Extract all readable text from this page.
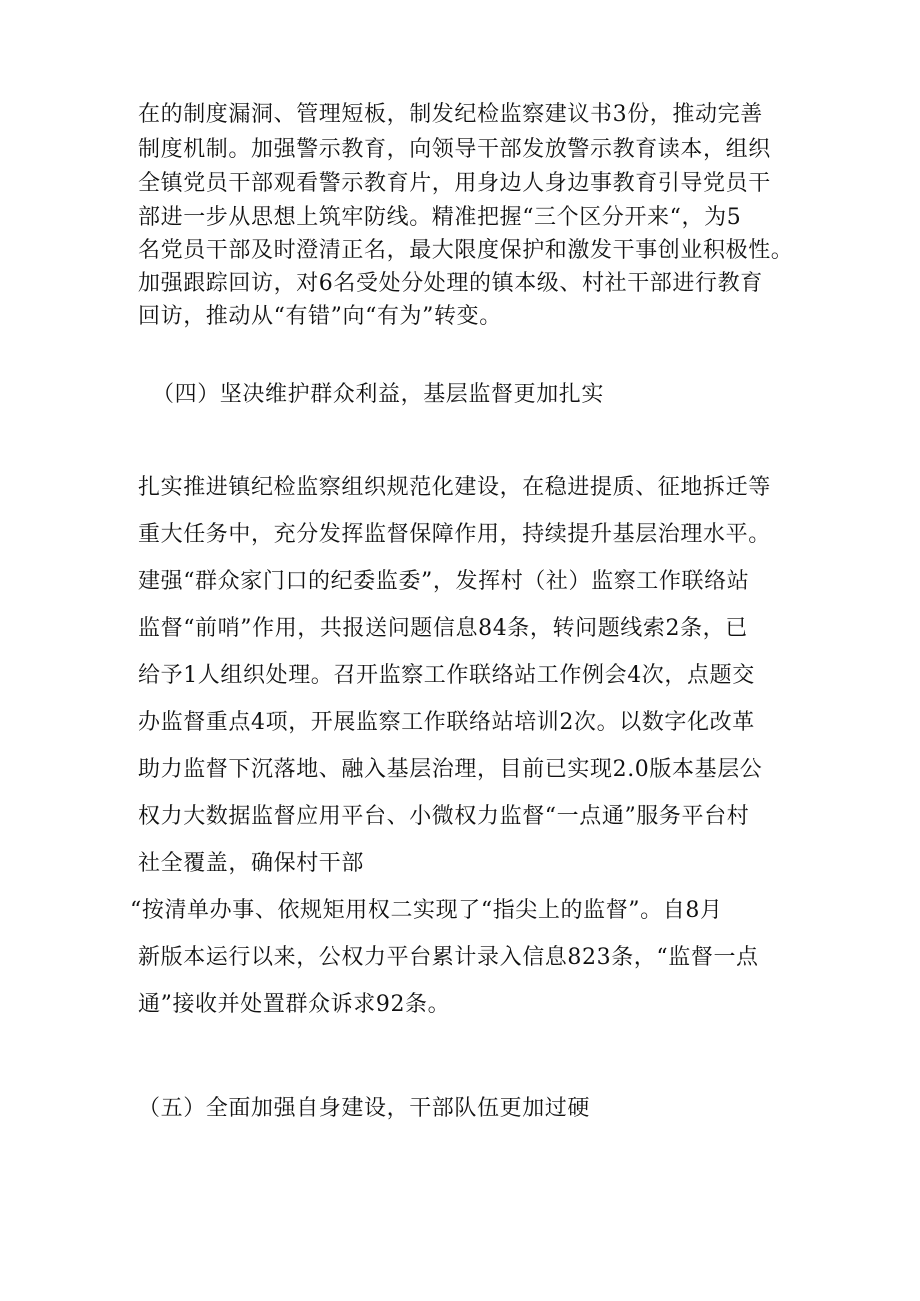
在的制度漏洞、管理短板，制发纪检监察建议书3份，推动完善
制度机制。加强警示教育，向领导干部发放警示教育读本，组织
全镇党员干部观看警示教育片，用身边人身边事教育引导党员干
部进一步从思想上筑牢防线。精准把握“三个区分开来“，为5
名党员干部及时澄清正名，最大限度保护和激发干事创业积极性。
加强跟踪回访，对6名受处分处理的镇本级、村社干部进行教育
回访，推动从“有错”向“有为”转变。
（四）坚决维护群众利益，基层监督更加扎实
扎实推进镇纪检监察组织规范化建设，在稳进提质、征地拆迁等
重大任务中，充分发挥监督保障作用，持续提升基层治理水平。
建强“群众家门口的纪委监委”，发挥村（社）监察工作联络站
监督“前哨”作用，共报送问题信息84条，转问题线索2条，已
给予1人组织处理。召开监察工作联络站工作例会4次，点题交
办监督重点4项，开展监察工作联络站培训2次。以数字化改革
助力监督下沉落地、融入基层治理，目前已实现2.0版本基层公
权力大数据监督应用平台、小微权力监督“一点通”服务平台村
社全覆盖，确保村干部
“按清单办事、依规矩用权二实现了“指尖上的监督”。自8月
新版本运行以来，公权力平台累计录入信息823条，“监督一点
通”接收并处置群众诉求92条。
（五）全面加强自身建设，干部队伍更加过硬
